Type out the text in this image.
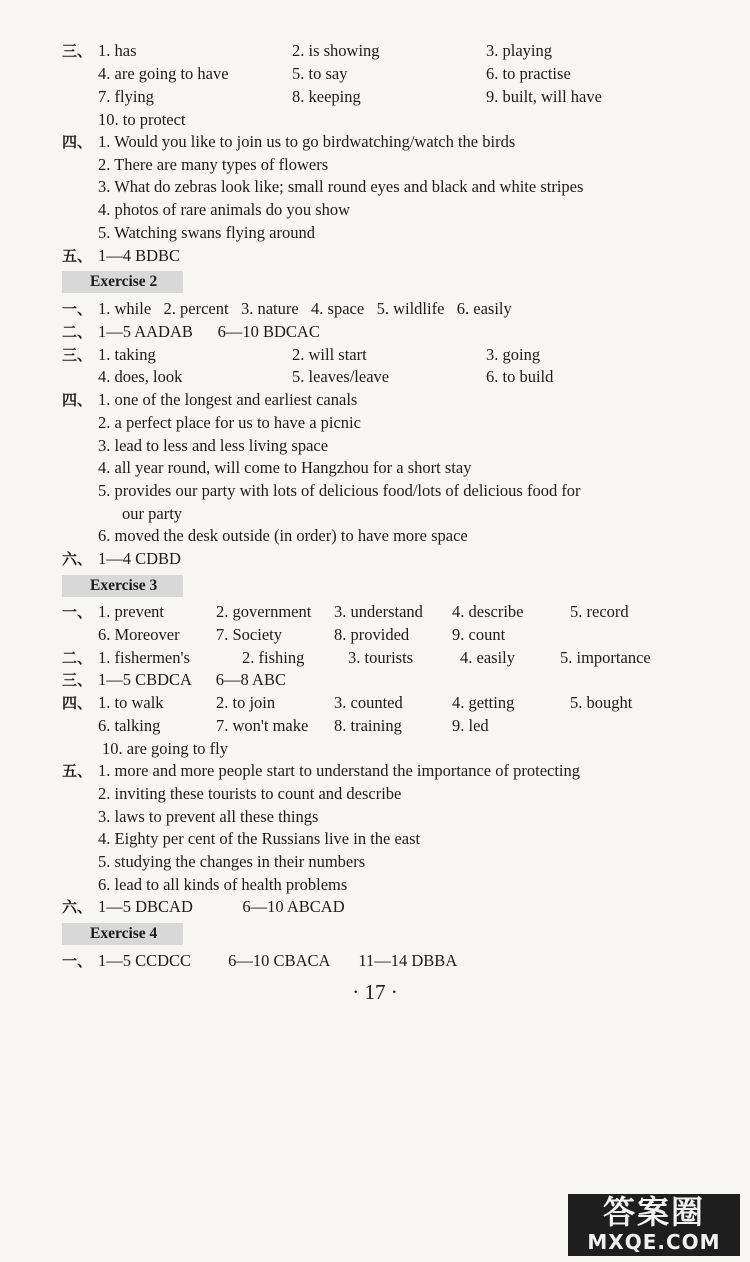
三、 1. has	2. is showing	3. playing
4. are going to have	5. to say	6. to practise
7. flying	8. keeping	9. built, will have
10. to protect
四、 1. Would you like to join us to go birdwatching/watch the birds
2. There are many types of flowers
3. What do zebras look like; small round eyes and black and white stripes
4. photos of rare animals do you show
5. Watching swans flying around
五、 1—4 BDBC
Exercise 2
一、 1. while   2. percent   3. nature   4. space   5. wildlife   6. easily
二、 1—5 AADAB      6—10 BDCAC
三、 1. taking	2. will start	3. going
4. does, look	5. leaves/leave	6. to build
四、 1. one of the longest and earliest canals
2. a perfect place for us to have a picnic
3. lead to less and less living space
4. all year round, will come to Hangzhou for a short stay
5. provides our party with lots of delicious food/lots of delicious food for
our party
6. moved the desk outside (in order) to have more space
六、 1—4 CDBD
Exercise 3
一、 1. prevent	2. government	3. understand	4. describe	5. record
6. Moreover	7. Society	8. provided	9. count
二、 1. fishermen's	2. fishing	3. tourists	4. easily	5. importance
三、 1—5 CBDCA      6—8 ABC
四、 1. to walk	2. to join	3. counted	4. getting	5. bought
6. talking	7. won't make	8. training	9. led
10. are going to fly
五、 1. more and more people start to understand the importance of protecting
2. inviting these tourists to count and describe
3. laws to prevent all these things
4. Eighty per cent of the Russians live in the east
5. studying the changes in their numbers
6. lead to all kinds of health problems
六、 1—5 DBCAD            6—10 ABCAD
Exercise 4
一、 1—5 CCDCC         6—10 CBACA       11—14 DBBA
· 17 ·
答案圈
MXQE.COM
